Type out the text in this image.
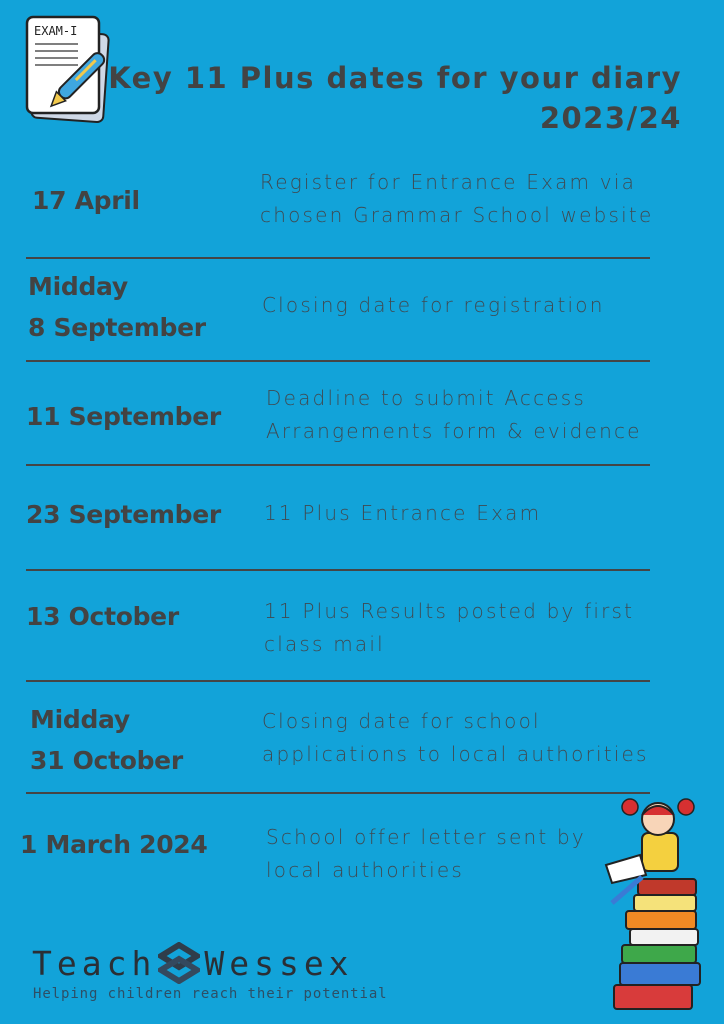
EXAM-I
Key 11 Plus dates for your diary
2023/24
17 April
Register for Entrance Exam via
chosen Grammar School website
Midday
8 September
Closing date for registration
11 September
Deadline to submit Access
Arrangements form & evidence
23 September 11 Plus Entrance Exam
13 October	11 Plus Results posted by first
class mail
Midday
31 October
Closing date for school
applications to local authorities
1 March 2024	School offer letter sent by
local authorities
Teach Wessex
Helping children reach their potential
